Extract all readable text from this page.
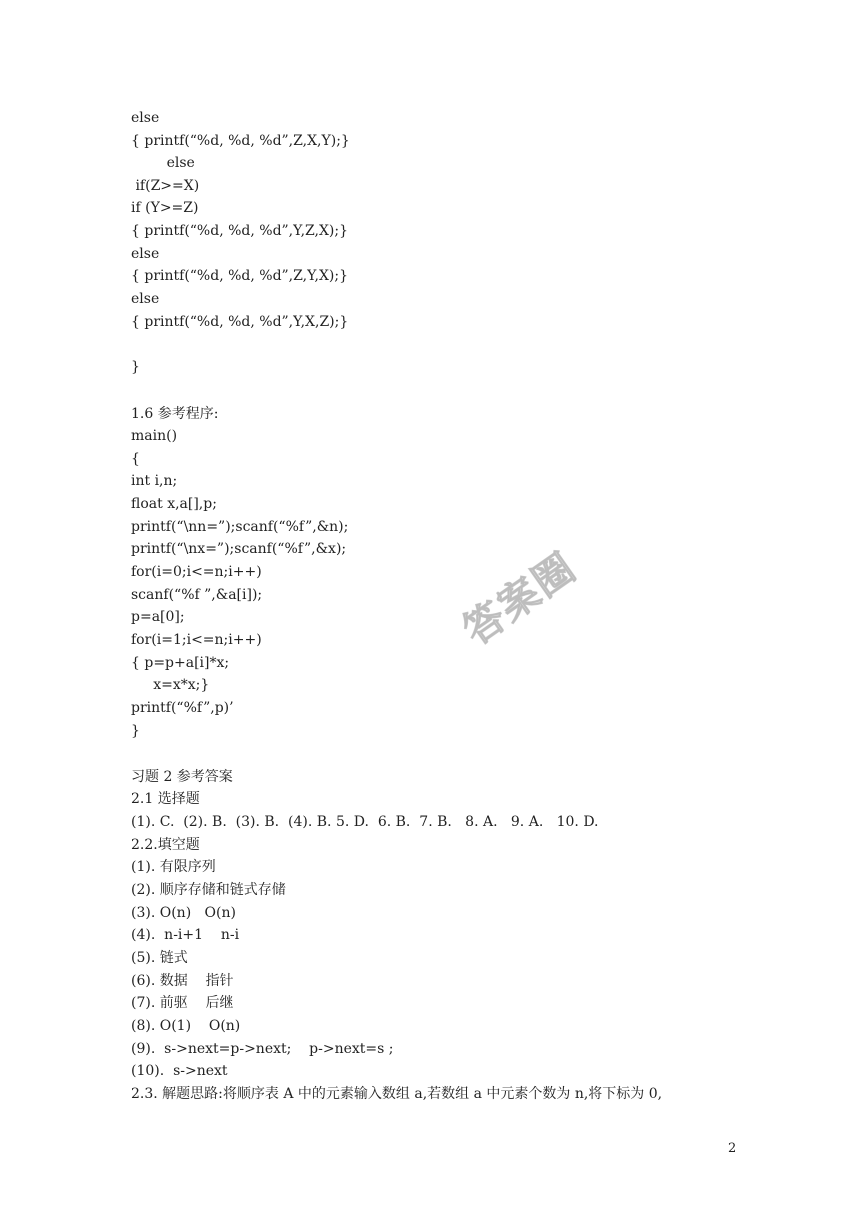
else
{ printf(“%d, %d, %d”,Z,X,Y);}
else
if(Z>=X)
if (Y>=Z)
{ printf(“%d, %d, %d”,Y,Z,X);}
else
{ printf(“%d, %d, %d”,Z,Y,X);}
else
{ printf(“%d, %d, %d”,Y,X,Z);}
}
1.6 参考程序:
main()
{
int i,n;
float x,a[],p;
printf(“\nn=”);scanf(“%f”,&n);
printf(“\nx=”);scanf(“%f”,&x);
for(i=0;i<=n;i++)
scanf(“%f ”,&a[i]);
p=a[0];
for(i=1;i<=n;i++)
{ p=p+a[i]*x;
x=x*x;}
printf(“%f”,p)’
}
习题 2 参考答案
2.1 选择题
(1). C.  (2). B.  (3). B.  (4). B. 5. D.  6. B.  7. B.   8. A.   9. A.   10. D.
2.2.填空题
(1). 有限序列
(2). 顺序存储和链式存储
(3). O(n)   O(n)
(4).  n-i+1    n-i
(5). 链式
(6). 数据    指针
(7). 前驱    后继
(8). O(1)    O(n)
(9).  s->next=p->next;    p->next=s ;
(10).  s->next
2.3. 解题思路:将顺序表 A 中的元素输入数组 a,若数组 a 中元素个数为 n,将下标为 0,
答案圈
2
